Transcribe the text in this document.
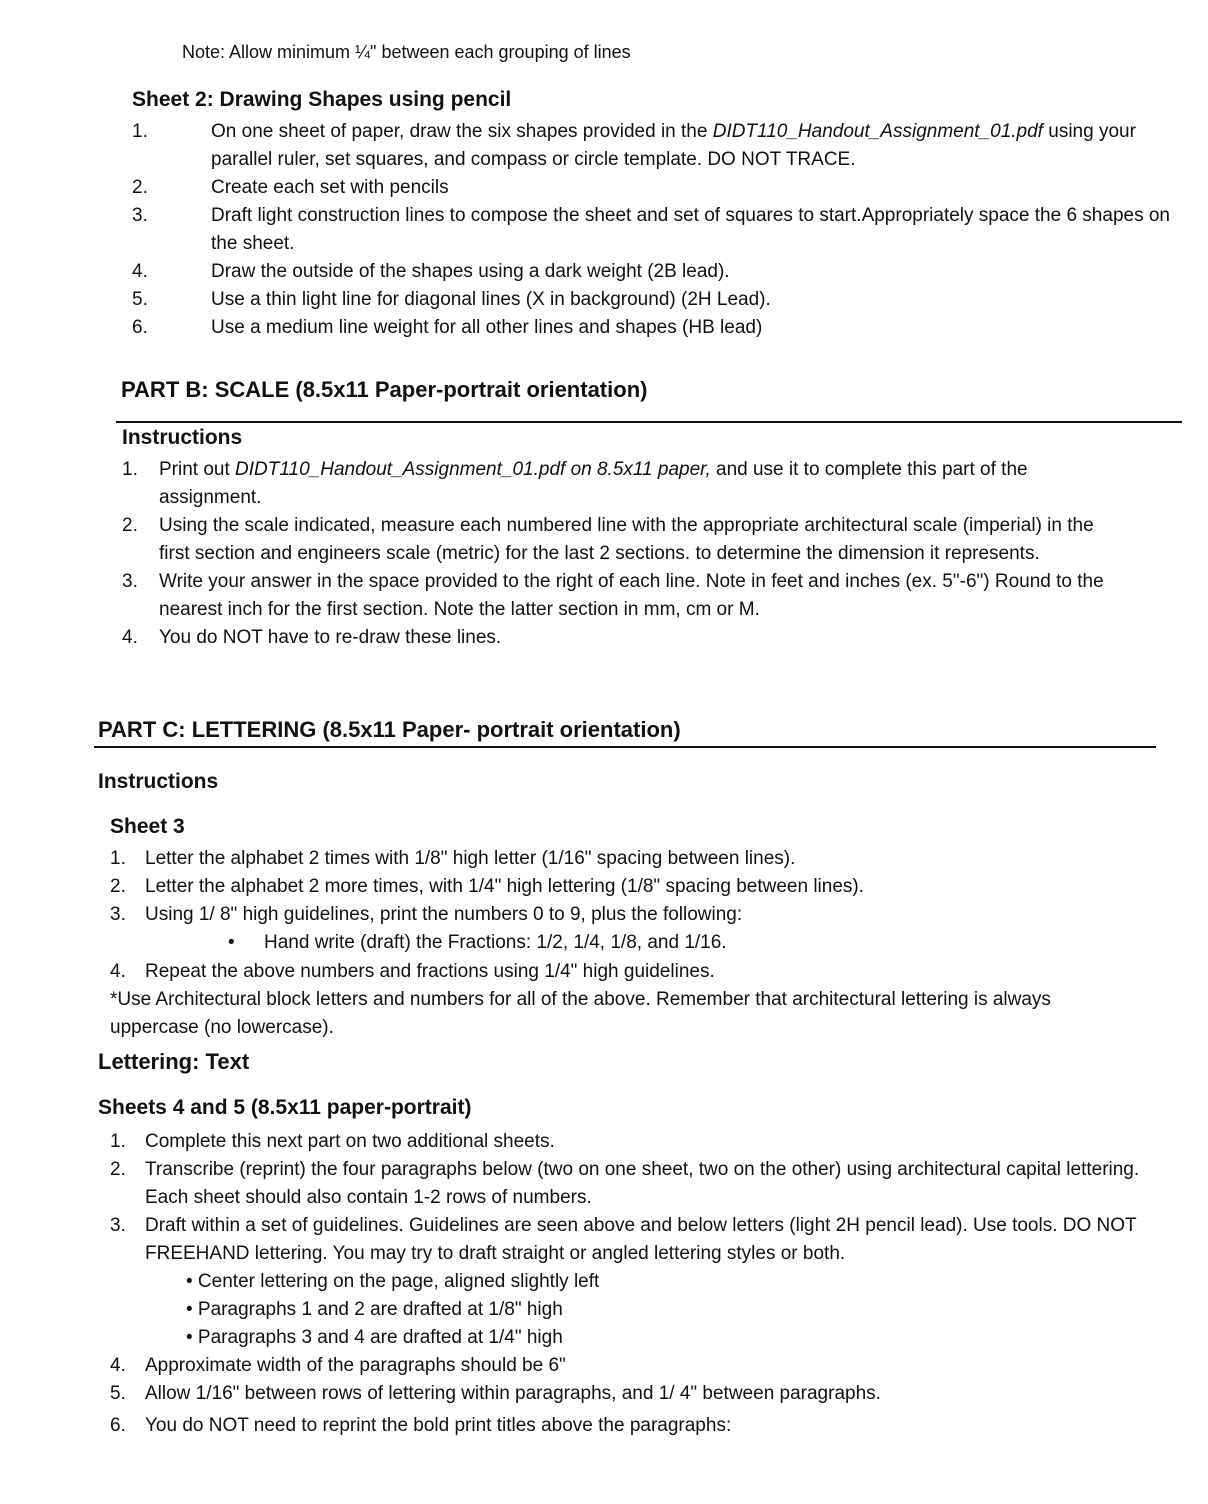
Note: Allow minimum ¼" between each grouping of lines
Sheet 2: Drawing Shapes using pencil
1.	On one sheet of paper, draw the six shapes provided in the DIDT110_Handout_Assignment_01.pdf using your parallel ruler, set squares, and compass or circle template. DO NOT TRACE.
2.	Create each set with pencils
3.	Draft light construction lines to compose the sheet and set of squares to start.Appropriately space the 6 shapes on the sheet.
4.	Draw the outside of the shapes using a dark weight (2B lead).
5.	Use a thin light line for diagonal lines (X in background) (2H Lead).
6.	Use a medium line weight for all other lines and shapes (HB lead)
PART B: SCALE (8.5x11 Paper-portrait orientation)
Instructions
1. Print out DIDT110_Handout_Assignment_01.pdf on 8.5x11 paper, and use it to complete this part of the assignment.
2. Using the scale indicated, measure each numbered line with the appropriate architectural scale (imperial) in the first section and engineers scale (metric) for the last 2 sections. to determine the dimension it represents.
3. Write your answer in the space provided to the right of each line. Note in feet and inches (ex. 5"-6") Round to the nearest inch for the first section. Note the latter section in mm, cm or M.
4. You do NOT have to re-draw these lines.
PART C: LETTERING (8.5x11 Paper- portrait orientation)
Instructions
Sheet 3
1. Letter the alphabet 2 times with 1/8" high letter (1/16" spacing between lines).
2. Letter the alphabet 2 more times, with 1/4" high lettering (1/8" spacing between lines).
3. Using 1/ 8" high guidelines, print the numbers 0 to 9, plus the following:
• Hand write (draft) the Fractions: 1/2, 1/4, 1/8, and 1/16.
4. Repeat the above numbers and fractions using 1/4" high guidelines.
*Use Architectural block letters and numbers for all of the above. Remember that architectural lettering is always uppercase (no lowercase).
Lettering: Text
Sheets 4 and 5 (8.5x11 paper-portrait)
1. Complete this next part on two additional sheets.
2. Transcribe (reprint) the four paragraphs below (two on one sheet, two on the other) using architectural capital lettering. Each sheet should also contain 1-2 rows of numbers.
3. Draft within a set of guidelines. Guidelines are seen above and below letters (light 2H pencil lead). Use tools. DO NOT FREEHAND lettering. You may try to draft straight or angled lettering styles or both.
• Center lettering on the page, aligned slightly left
• Paragraphs 1 and 2 are drafted at 1/8" high
• Paragraphs 3 and 4 are drafted at 1/4" high
4. Approximate width of the paragraphs should be 6"
5. Allow 1/16" between rows of lettering within paragraphs, and 1/ 4" between paragraphs.
6. You do NOT need to reprint the bold print titles above the paragraphs:
